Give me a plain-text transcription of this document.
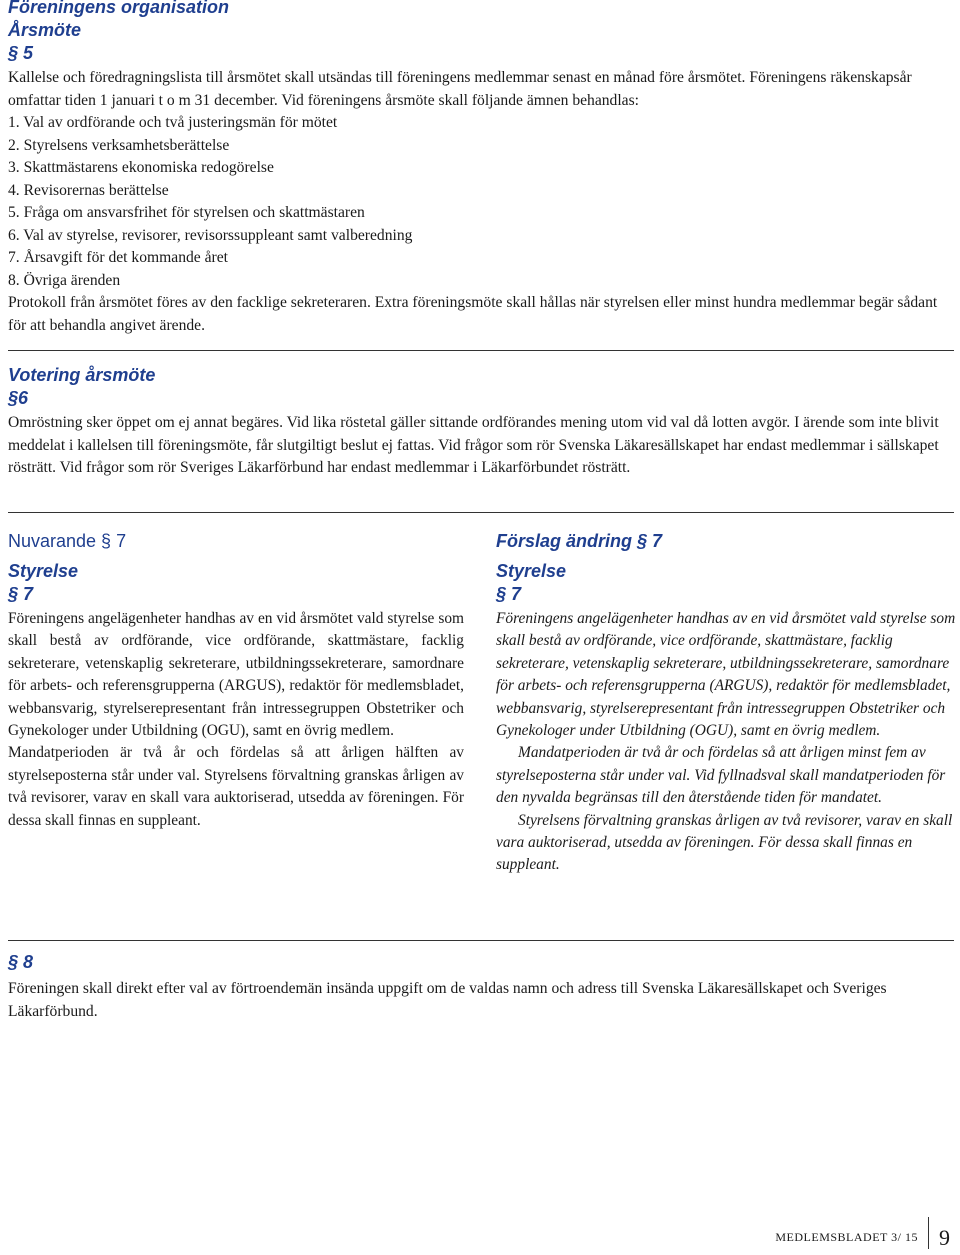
Föreningens organisation
Årsmöte
§ 5

Kallelse och föredragningslista till årsmötet skall utsändas till föreningens medlemmar senast en månad före årsmötet. Föreningens räkenskapsår omfattar tiden 1 januari t o m 31 december. Vid föreningens årsmöte skall följande ämnen behandlas:

1. Val av ordförande och två justeringsmän för mötet
2. Styrelsens verksamhetsberättelse
3. Skattmästarens ekonomiska redogörelse
4. Revisorernas berättelse
5. Fråga om ansvarsfrihet för styrelsen och skattmästaren
6. Val av styrelse, revisorer, revisorssuppleant samt valberedning
7. Årsavgift för det kommande året
8. Övriga ärenden

Protokoll från årsmötet föres av den facklige sekreteraren. Extra föreningsmöte skall hållas när styrelsen eller minst hundra medlemmar begär sådant för att behandla angivet ärende.

Votering årsmöte
§6

Omröstning sker öppet om ej annat begäres. Vid lika röstetal gäller sittande ordförandes mening utom vid val då lotten avgör. I ärende som inte blivit meddelat i kallelsen till föreningsmöte, får slutgiltigt beslut ej fattas. Vid frågor som rör Svenska Läkaresällskapet har endast medlemmar i sällskapet rösträtt. Vid frågor som rör Sveriges Läkarförbund har endast medlemmar i Läkarförbundet rösträtt.

Nuvarande § 7
Styrelse
§ 7

Föreningens angelägenheter handhas av en vid årsmötet vald styrelse som skall bestå av ordförande, vice ordförande, skattmästare, facklig sekreterare, vetenskaplig sekreterare, utbildningssekreterare, samordnare för arbets- och referensgrupperna (ARGUS), redaktör för medlemsbladet, webbansvarig, styrelserepresentant från intressegruppen Obstetriker och Gynekologer under Utbildning (OGU), samt en övrig medlem.

Mandatperioden är två år och fördelas så att årligen hälften av styrelseposterna står under val. Styrelsens förvaltning granskas årligen av två revisorer, varav en skall vara auktoriserad, utsedda av föreningen. För dessa skall finnas en suppleant.

Förslag ändring § 7
Styrelse
§ 7

Föreningens angelägenheter handhas av en vid årsmötet vald styrelse som skall bestå av ordförande, vice ordförande, skattmästare, facklig sekreterare, vetenskaplig sekreterare, utbildningssekreterare, samordnare för arbets- och referensgrupperna (ARGUS), redaktör för medlemsbladet, webbansvarig, styrelserepresentant från intressegruppen Obstetriker och Gynekologer under Utbildning (OGU), samt en övrig medlem.

Mandatperioden är två år och fördelas så att årligen minst fem av styrelseposterna står under val. Vid fyllnadsval skall mandatperioden för den nyvalda begränsas till den återstående tiden för mandatet.

Styrelsens förvaltning granskas årligen av två revisorer, varav en skall vara auktoriserad, utsedda av föreningen. För dessa skall finnas en suppleant.

§ 8

Föreningen skall direkt efter val av förtroendemän insända uppgift om de valdas namn och adress till Svenska Läkaresällskapet och Sveriges Läkarförbund.

MEDLEMSBLADET 3/ 15 9
